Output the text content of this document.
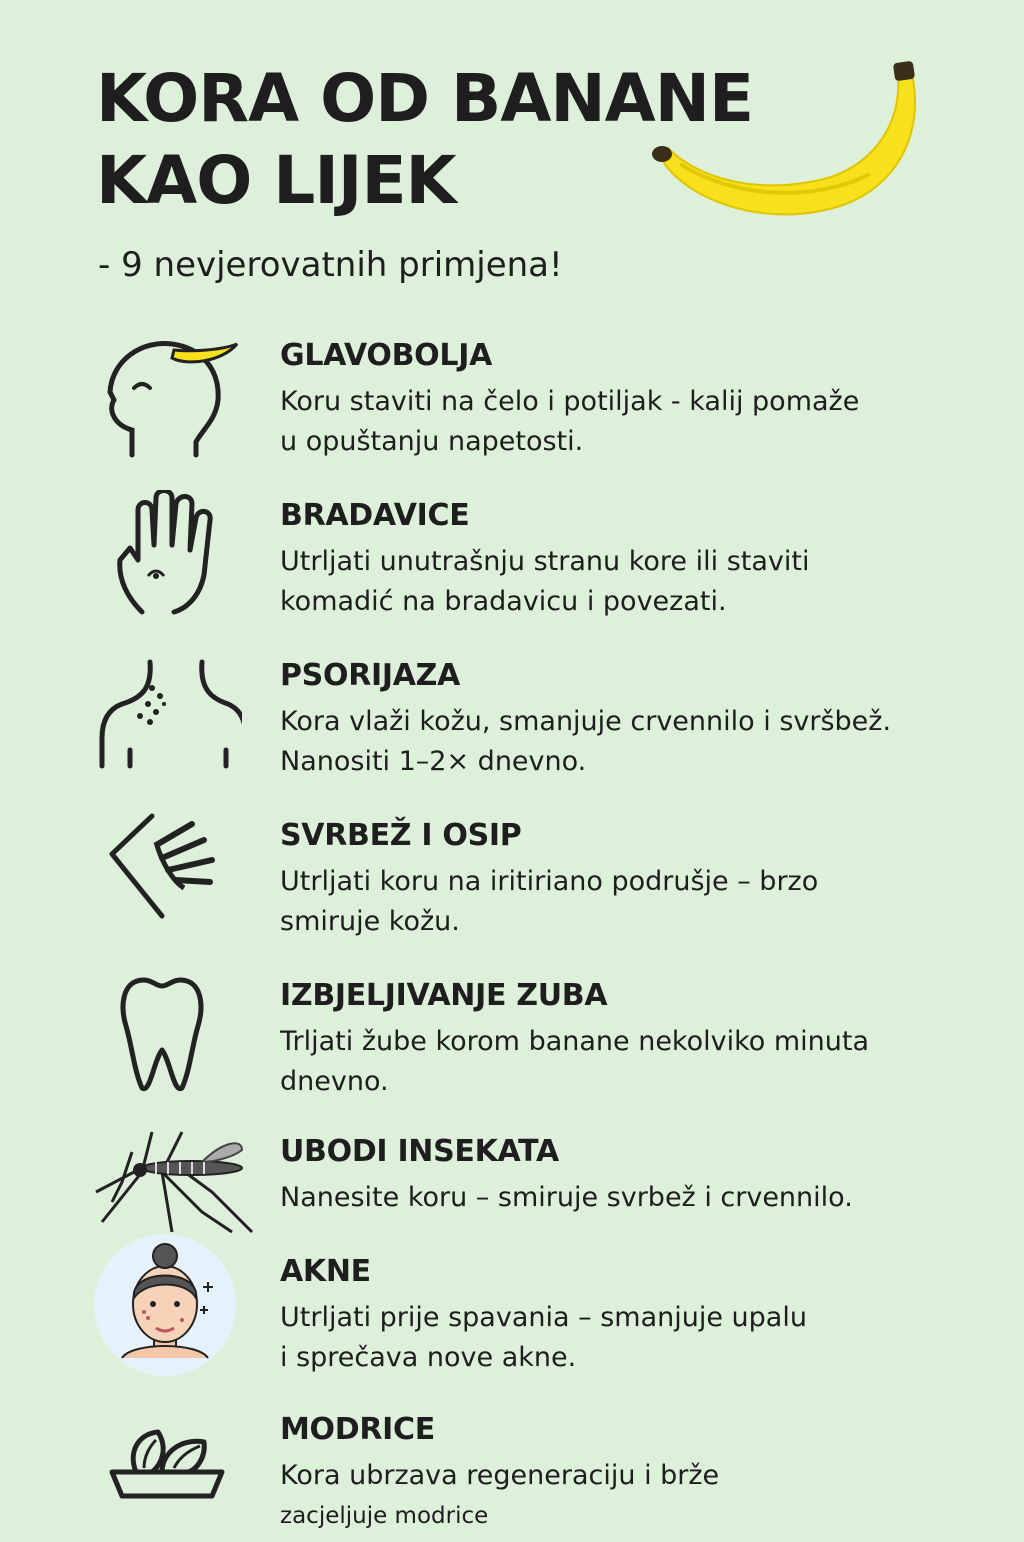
KORA OD BANANE
KAO LIJEK

- 9 nevjerovatnih primjena!

GLAVOBOLJA

Koru staviti na čelo i potiljak - kalij pomaže
u opuštanju napetosti.

BRADAVICE

Utrljati unutrašnjս stranu kore ili staviti
komadić na bradavicu i povezati.

PSORIJAZA

Kora vlaži kožu, smanjuje crvennilo i svršbež.
Nanositi 1–2× dnevno.

SVRBEŽ I OSIP

Utrljati koru na iritiriano podrušje – brzo
smiruje kožu.

IZBJELJIVANJE ZUBA

Trljati žube korom banane nekolviko minuta
dnevno.

UBODI INSEKATA

Nanesite koru – smiruje svrbež i crvennilo.

AKNE

Utrljati prije spavania – smanjuje upalu
i sprečava nove akne.

MODRICE

Kora ubrzava regeneraciju i brže
zacjeljuje modrice
